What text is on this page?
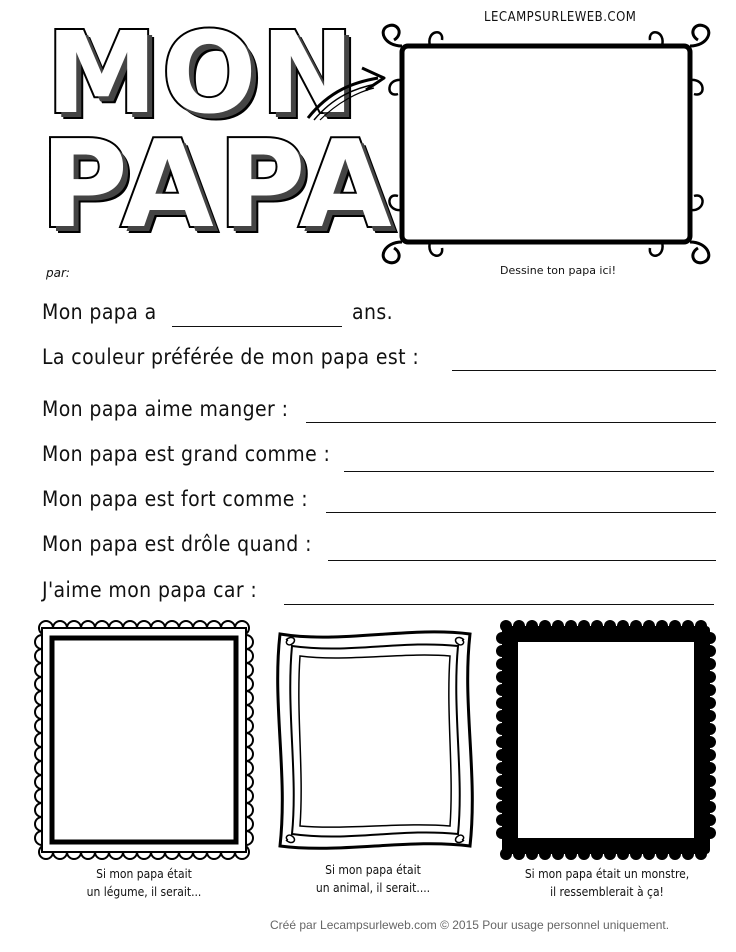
MON
PAPA
LECAMPSURLEWEB.COM
Dessine ton papa ici!
par:
Mon papa a	ans.
La couleur préférée de mon papa est :
Mon papa aime manger :
Mon papa est grand comme :
Mon papa est fort comme :
Mon papa est drôle quand :
J'aime mon papa car :
Si mon papa était
un légume, il serait...
Si mon papa était
un animal, il serait....
Si mon papa était un monstre,
il ressemblerait à ça!
Créé par Lecampsurleweb.com © 2015 Pour usage personnel uniquement.
